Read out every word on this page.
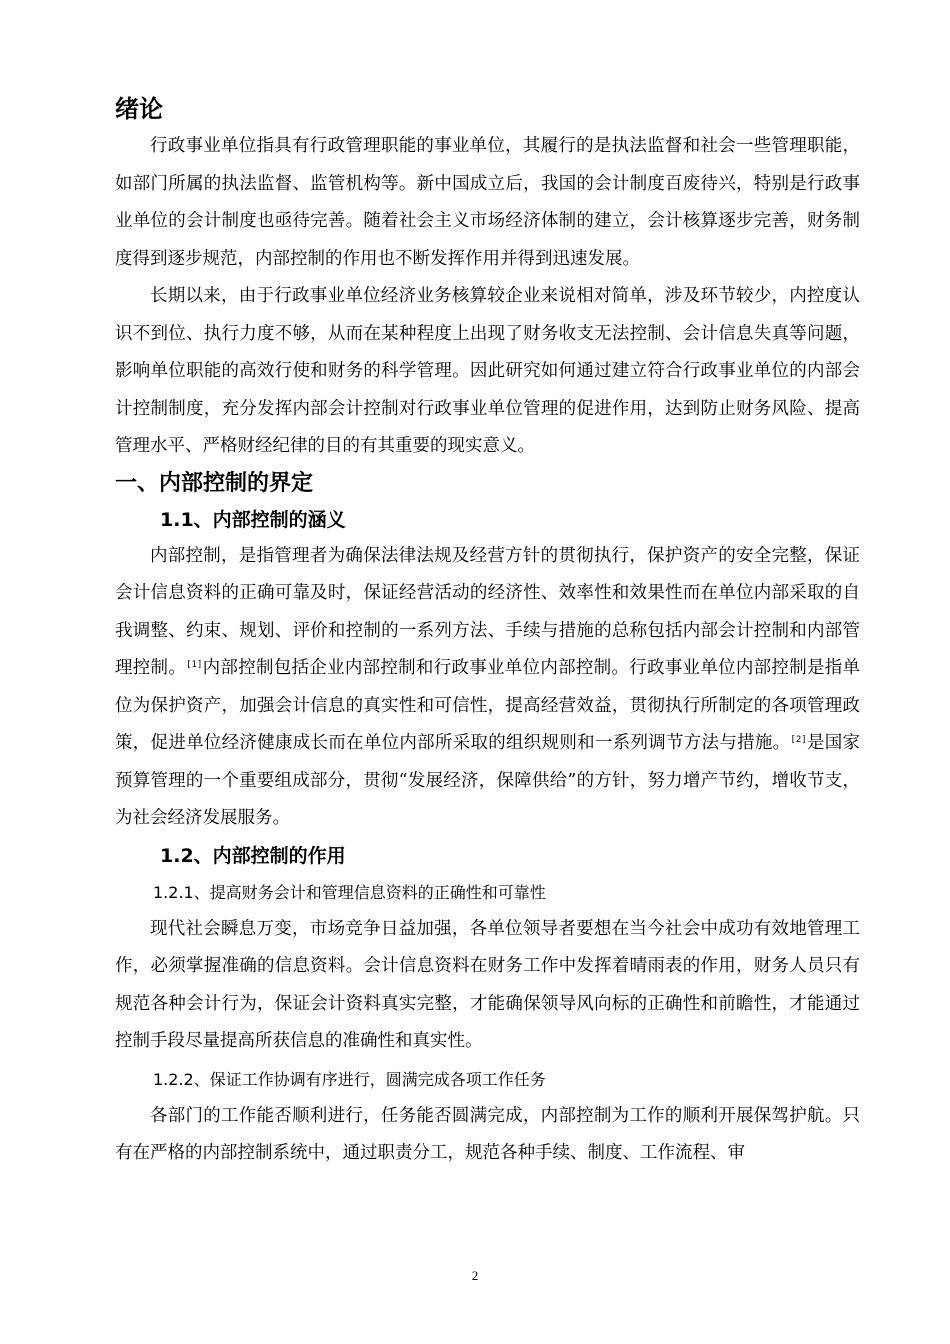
绪论

行政事业单位指具有行政管理职能的事业单位，其履行的是执法监督和社会一些管理职能，如部门所属的执法监督、监管机构等。新中国成立后，我国的会计制度百废待兴，特别是行政事业单位的会计制度也亟待完善。随着社会主义市场经济体制的建立，会计核算逐步完善，财务制度得到逐步规范，内部控制的作用也不断发挥作用并得到迅速发展。

长期以来，由于行政事业单位经济业务核算较企业来说相对简单，涉及环节较少，内控度认识不到位、执行力度不够，从而在某种程度上出现了财务收支无法控制、会计信息失真等问题，影响单位职能的高效行使和财务的科学管理。因此研究如何通过建立符合行政事业单位的内部会计控制制度，充分发挥内部会计控制对行政事业单位管理的促进作用，达到防止财务风险、提高管理水平、严格财经纪律的目的有其重要的现实意义。

一、内部控制的界定
1.1、内部控制的涵义

内部控制，是指管理者为确保法律法规及经营方针的贯彻执行，保护资产的安全完整，保证会计信息资料的正确可靠及时，保证经营活动的经济性、效率性和效果性而在单位内部采取的自我调整、约束、规划、评价和控制的一系列方法、手续与措施的总称包括内部会计控制和内部管理控制。[1]内部控制包括企业内部控制和行政事业单位内部控制。行政事业单位内部控制是指单位为保护资产，加强会计信息的真实性和可信性，提高经营效益，贯彻执行所制定的各项管理政策，促进单位经济健康成长而在单位内部所采取的组织规则和一系列调节方法与措施。[2]是国家预算管理的一个重要组成部分，贯彻“发展经济，保障供给”的方针，努力增产节约，增收节支，为社会经济发展服务。

1.2、内部控制的作用
1.2.1、提高财务会计和管理信息资料的正确性和可靠性

现代社会瞬息万变，市场竞争日益加强，各单位领导者要想在当今社会中成功有效地管理工作，必须掌握准确的信息资料。会计信息资料在财务工作中发挥着晴雨表的作用，财务人员只有规范各种会计行为，保证会计资料真实完整，才能确保领导风向标的正确性和前瞻性，才能通过控制手段尽量提高所获信息的准确性和真实性。

1.2.2、保证工作协调有序进行，圆满完成各项工作任务

各部门的工作能否顺利进行，任务能否圆满完成，内部控制为工作的顺利开展保驾护航。只有在严格的内部控制系统中，通过职责分工，规范各种手续、制度、工作流程、审

2
